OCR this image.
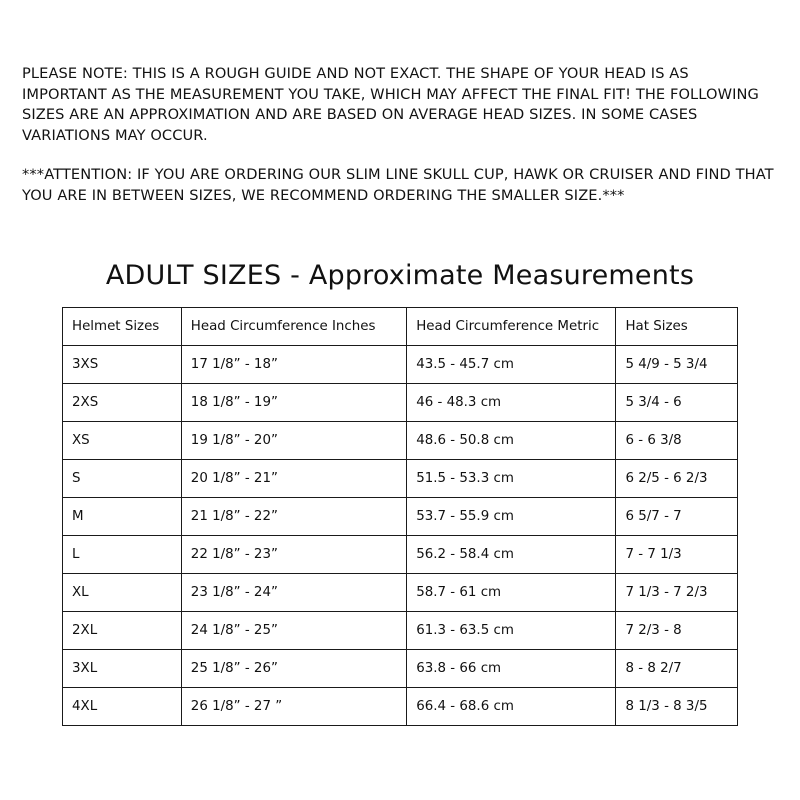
PLEASE NOTE: THIS IS A ROUGH GUIDE AND NOT EXACT. THE SHAPE OF YOUR HEAD IS AS IMPORTANT AS THE MEASUREMENT YOU TAKE, WHICH MAY AFFECT THE FINAL FIT! THE FOLLOWING SIZES ARE AN APPROXIMATION AND ARE BASED ON AVERAGE HEAD SIZES. IN SOME CASES VARIATIONS MAY OCCUR.

***ATTENTION: IF YOU ARE ORDERING OUR SLIM LINE SKULL CUP, HAWK OR CRUISER AND FIND THAT YOU ARE IN BETWEEN SIZES, WE RECOMMEND ORDERING THE SMALLER SIZE.***

ADULT SIZES - Approximate Measurements
Helmet Sizes	Head Circumference Inches	Head Circumference Metric	Hat Sizes
3XS	17 1/8” - 18”	43.5 - 45.7 cm	5 4/9 - 5 3/4
2XS	18 1/8” - 19”	46 - 48.3 cm	5 3/4 - 6
XS	19 1/8” - 20”	48.6 - 50.8 cm	6 - 6 3/8
S	20 1/8” - 21”	51.5 - 53.3 cm	6 2/5 - 6 2/3
M	21 1/8” - 22”	53.7 - 55.9 cm	6 5/7 - 7
L	22 1/8” - 23”	56.2 - 58.4 cm	7 - 7 1/3
XL	23 1/8” - 24”	58.7 - 61 cm	7 1/3 - 7 2/3
2XL	24 1/8” - 25”	61.3 - 63.5 cm	7 2/3 - 8
3XL	25 1/8” - 26”	63.8 - 66 cm	8 - 8 2/7
4XL	26 1/8” - 27 ”	66.4 - 68.6 cm	8 1/3 - 8 3/5
